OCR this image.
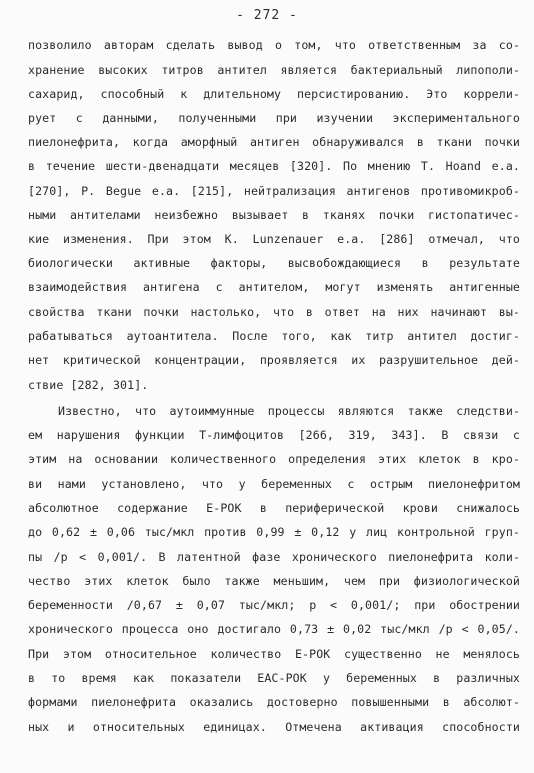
- 272 -
позволило авторам сделать вывод о том, что ответственным за со-
хранение высоких титров антител является бактериальный липополи-
сахарид, способный к длительному персистированию. Это коррели-
рует с данными, полученными при изучении экспериментального
пиелонефрита, когда аморфный антиген обнаруживался в ткани почки
в течение шести-двенадцати месяцев [320]. По мнению T. Hoand e.a.
[270], P. Begue e.a. [215], нейтрализация антигенов противомикроб-
ными антителами неизбежно вызывает в тканях почки гистопатичес-
кие изменения. При этом K. Lunzenauer e.a. [286] отмечал, что
биологически активные факторы, высвобождающиеся в результате
взаимодействия антигена с антителом, могут изменять антигенные
свойства ткани почки настолько, что в ответ на них начинают вы-
рабатываться аутоантитела. После того, как титр антител достиг-
нет критической концентрации, проявляется их разрушительное дей-
ствие [282, 301].
Известно, что аутоиммунные процессы являются также следстви-
ем нарушения функции Т-лимфоцитов [266, 319, 343]. В связи с
этим на основании количественного определения этих клеток в кро-
ви нами установлено, что у беременных с острым пиелонефритом
абсолютное содержание Е-РОК в периферической крови снижалось
до 0,62 ± 0,06 тыс/мкл против 0,99 ± 0,12 у лиц контрольной груп-
пы /р < 0,001/. В латентной фазе хронического пиелонефрита коли-
чество этих клеток было также меньшим, чем при физиологической
беременности /0,67 ± 0,07 тыс/мкл; р < 0,001/; при обострении
хронического процесса оно достигало 0,73 ± 0,02 тыс/мкл /р < 0,05/.
При этом относительное количество Е-РОК существенно не менялось
в то время как показатели ЕАС-РОК у беременных в различных
формами пиелонефрита оказались достоверно повышенными в абсолют-
ных и относительных единицах. Отмечена активация способности
